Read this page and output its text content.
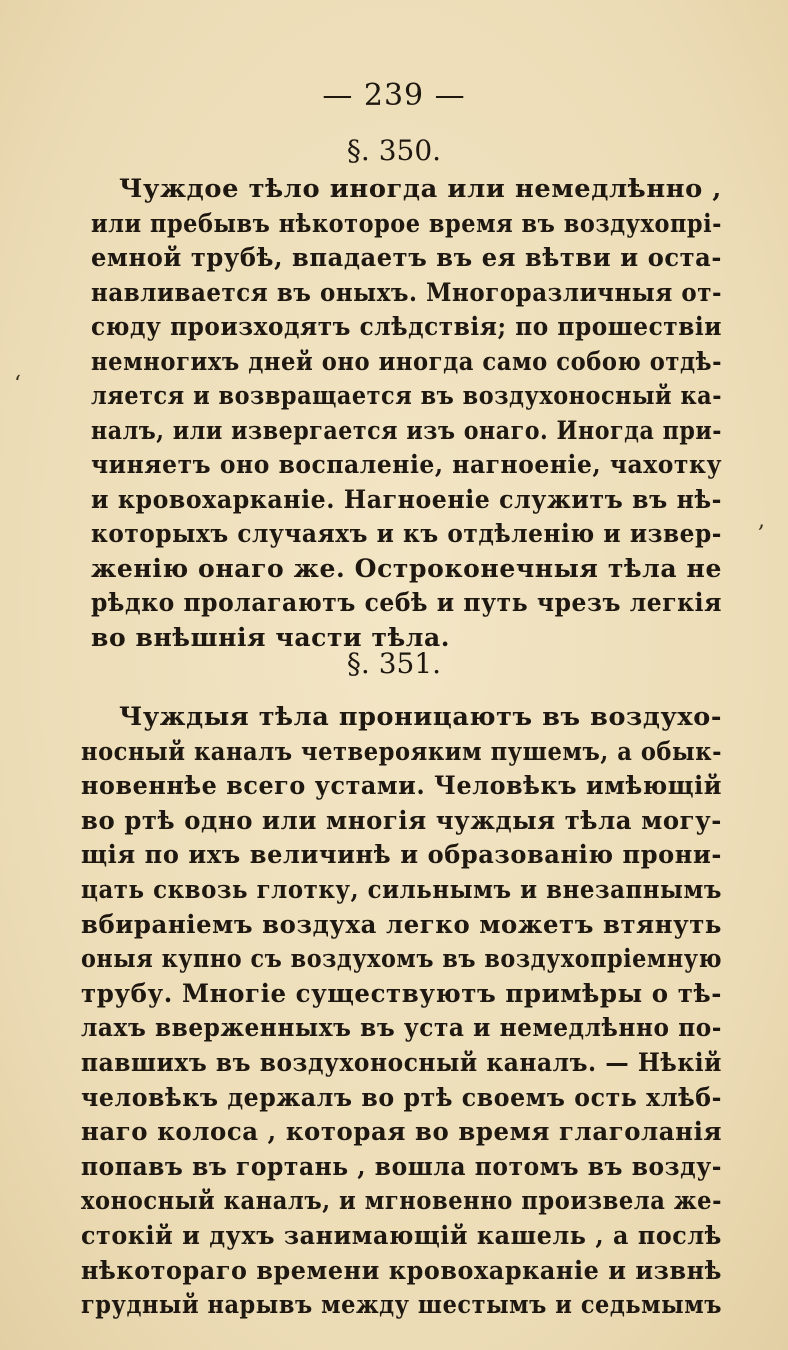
— 239 —
§. 350.
Чуждое тѣло иногда или немедлѣнно ,
или пребывъ нѣкоторое время въ воздухопрі-
емной трубѣ, впадаетъ въ ея вѣтви и оста-
навливается въ оныхъ. Многоразличныя от-
сюду произходятъ слѣдствія; по прошествіи
немногихъ дней оно иногда само собою отдѣ-
ляется и возвращается въ воздухоносный ка-
налъ, или извергается изъ онаго. Иногда при-
чиняетъ оно воспаленіе, нагноеніе, чахотку
и кровохарканіе. Нагноеніе служитъ въ нѣ-
которыхъ случаяхъ и къ отдѣленію и извер-
женію онаго же. Остроконечныя тѣла не
рѣдко пролагаютъ себѣ и путь чрезъ легкія
во внѣшнія части тѣла.
§. 351.
Чуждыя тѣла проницаютъ въ воздухо-
носный каналъ четверояким пушемъ, а обык-
новеннѣе всего устами. Человѣкъ имѣющій
во ртѣ одно или многія чуждыя тѣла могу-
щія по ихъ величинѣ и образованію прони-
цать сквозь глотку, сильнымъ и внезапнымъ
вбираніемъ воздуха легко можетъ втянуть
оныя купно съ воздухомъ въ воздухопріемную
трубу. Многіе существуютъ примѣры о тѣ-
лахъ вверженныхъ въ уста и немедлѣнно по-
павшихъ въ воздухоносный каналъ. — Нѣкій
человѣкъ держалъ во ртѣ своемъ ость хлѣб-
наго колоса , которая во время глаголанія
попавъ въ гортань , вошла потомъ въ возду-
хоносный каналъ, и мгновенно произвела же-
стокій и духъ занимающій кашель , а послѣ
нѣкотораго времени кровохарканіе и извнѣ
грудный нарывъ между шестымъ и седьмымъ
‘
,
